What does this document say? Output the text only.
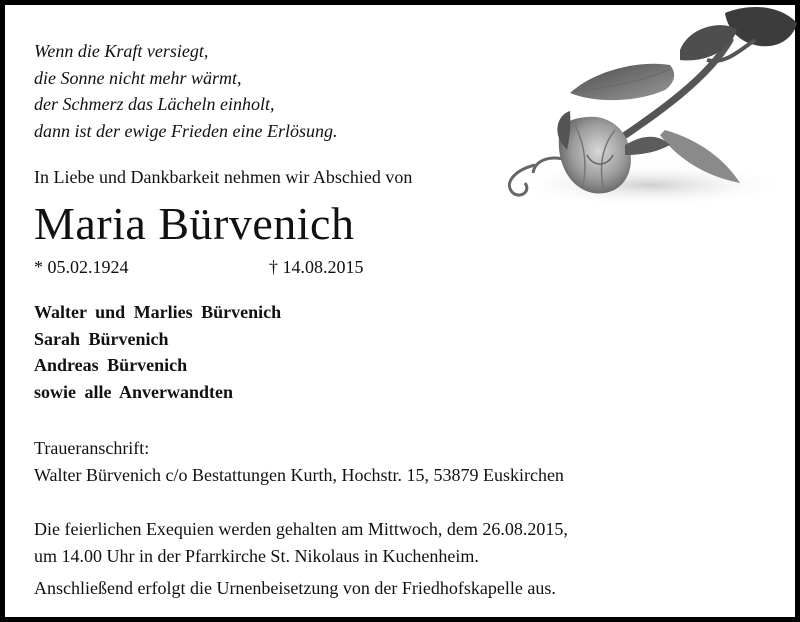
Wenn die Kraft versiegt,
die Sonne nicht mehr wärmt,
der Schmerz das Lächeln einholt,
dann ist der ewige Frieden eine Erlösung.
In Liebe und Dankbarkeit nehmen wir Abschied von
Maria Bürvenich
* 05.02.1924	† 14.08.2015
Walter und Marlies Bürvenich
Sarah Bürvenich
Andreas Bürvenich
sowie alle Anverwandten
Traueranschrift:
Walter Bürvenich c/o Bestattungen Kurth, Hochstr. 15, 53879 Euskirchen
Die feierlichen Exequien werden gehalten am Mittwoch, dem 26.08.2015,
um 14.00 Uhr in der Pfarrkirche St. Nikolaus in Kuchenheim.
Anschließend erfolgt die Urnenbeisetzung von der Friedhofskapelle aus.
